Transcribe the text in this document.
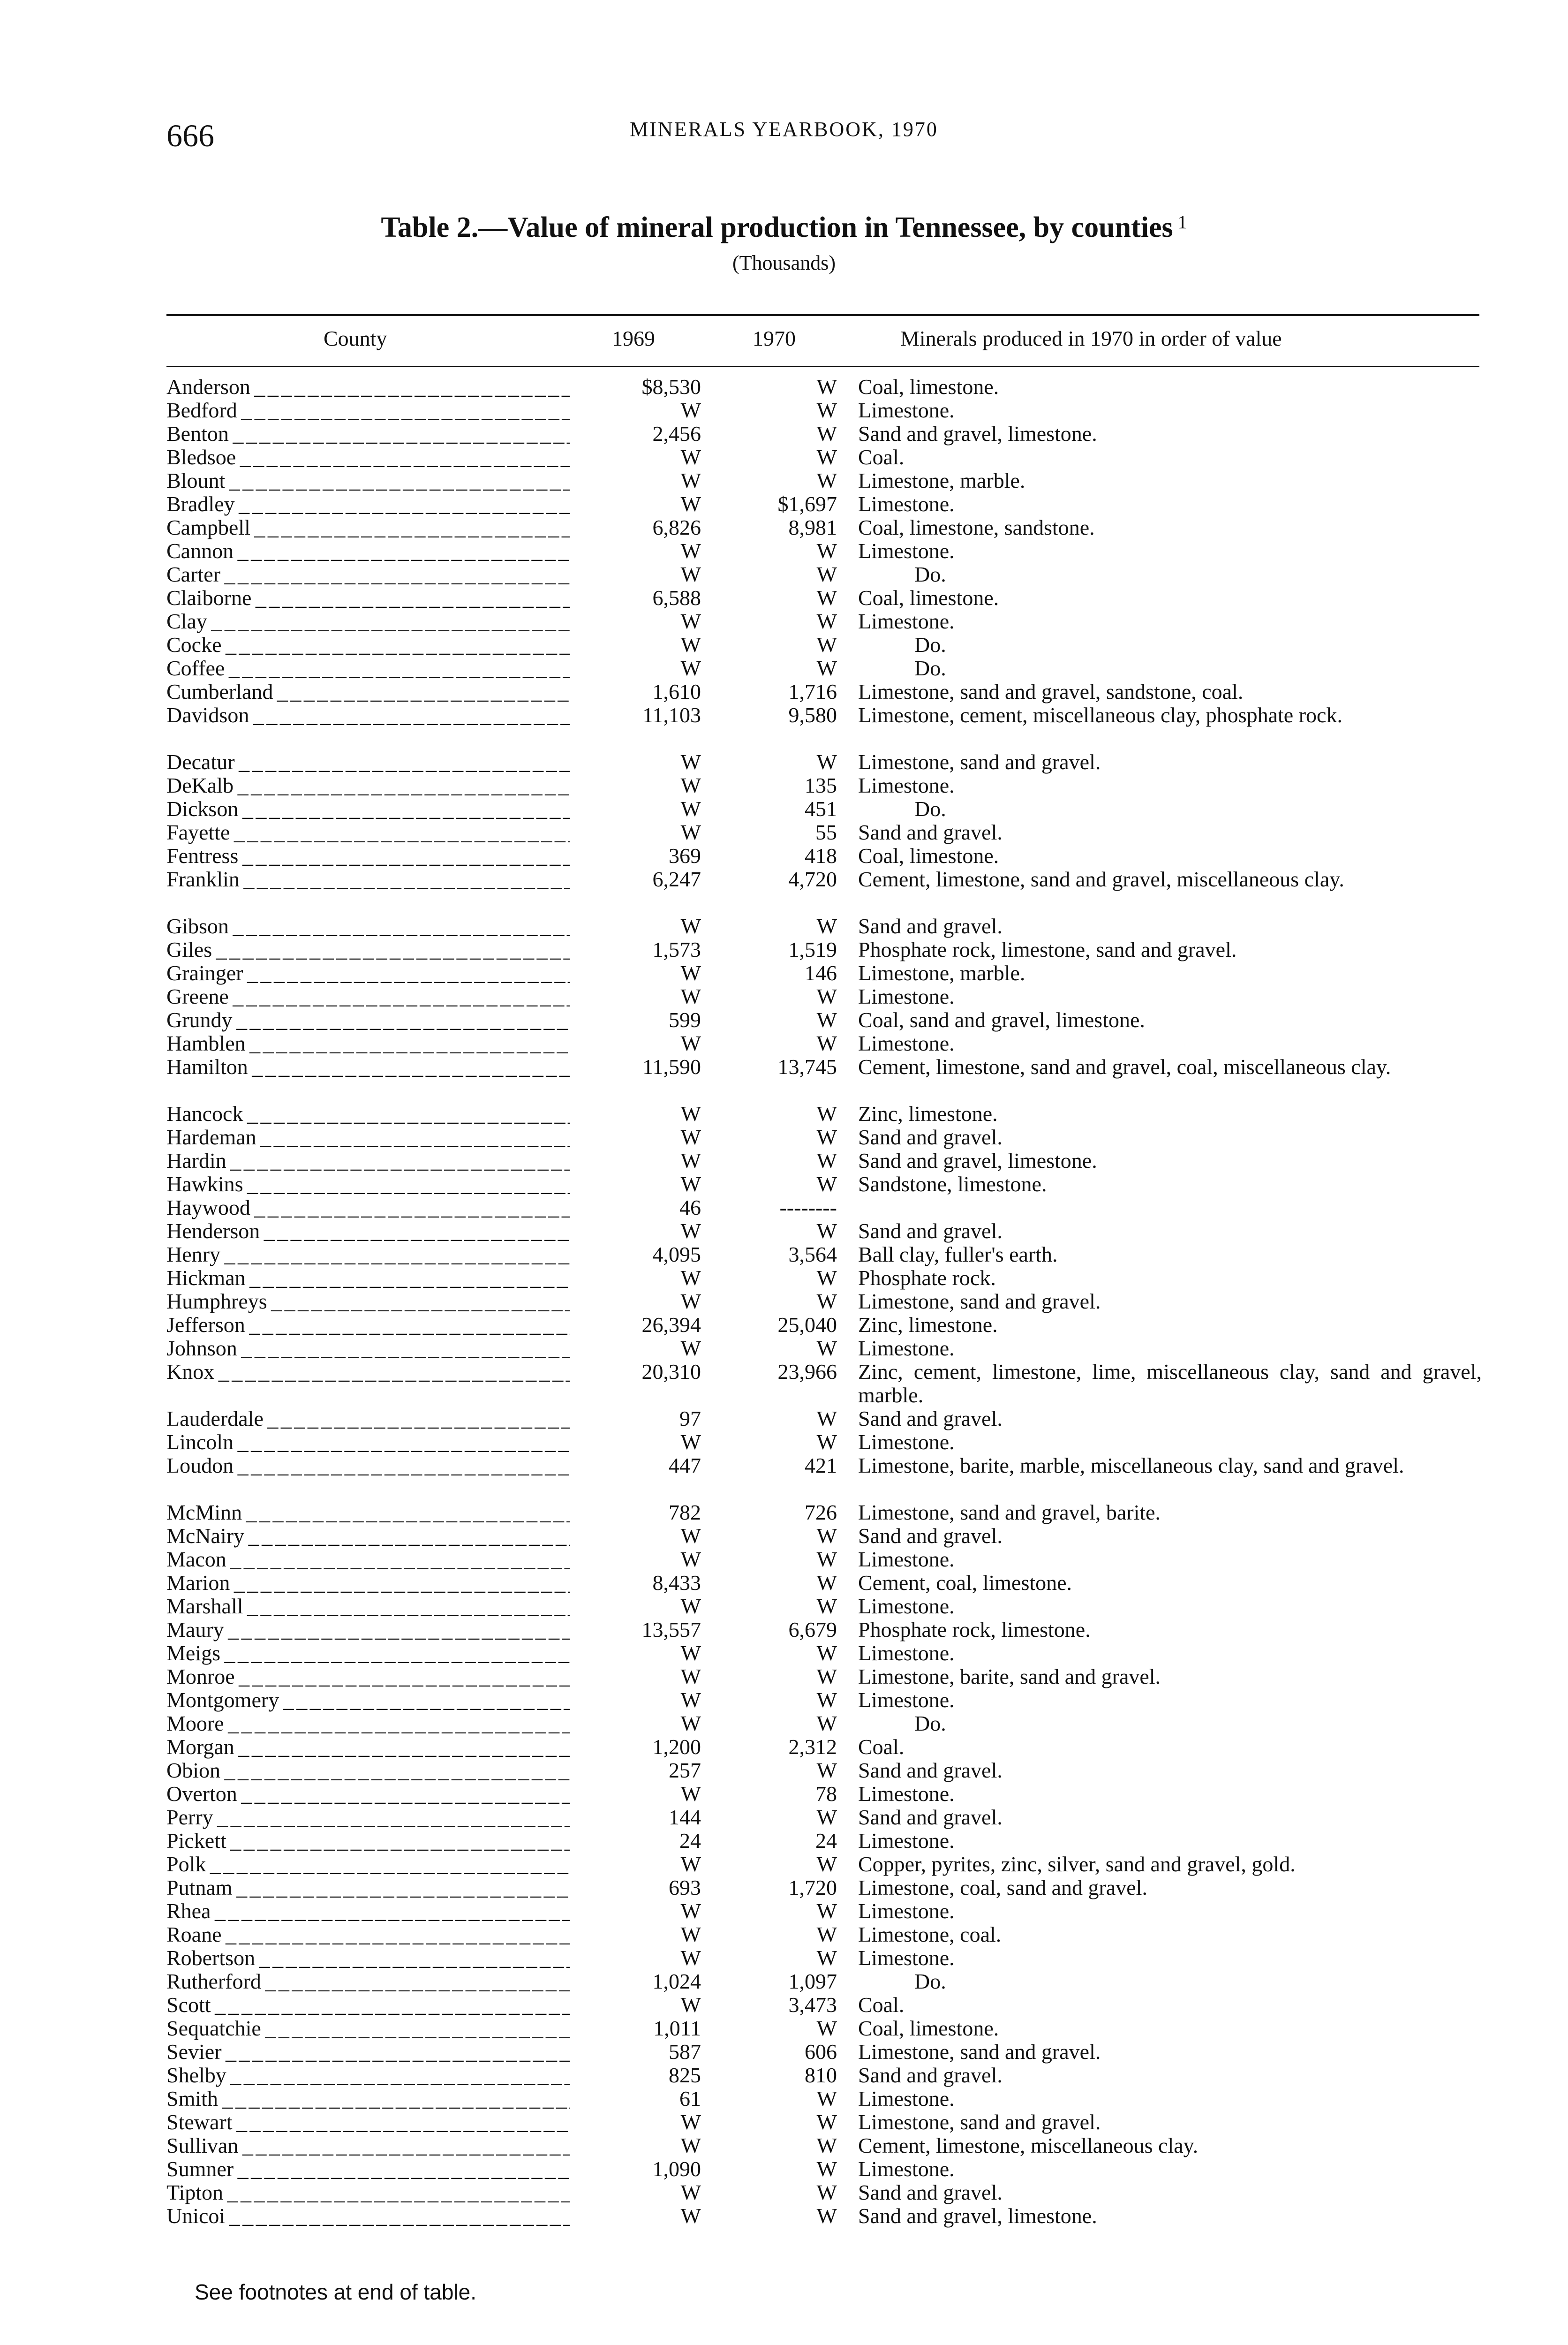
666	MINERALS YEARBOOK, 1970
Table 2.—Value of mineral production in Tennessee, by counties $^1$
(Thousands)
County	1969	1970	Minerals produced in 1970 in order of value
Anderson _ _ _	$8,530	W Coal, limestone.
Bedford _ _ _	W	W Limestone.
Benton _ _ _	2,456	W Sand and gravel, limestone.
Bledsoe _ _ _	W	W Coal.
Blount _ _ _	W	W Limestone, marble.
Bradley _ _ _	W	$1,697 Limestone.
Campbell _ _ _	6,826	8,981 Coal, limestone, sandstone.
Cannon _ _ _	W	W Limestone.
Carter _ _ _	W	W	Do.
Claiborne _ _ _	6,588	W Coal, limestone.
Clay _ _ _	W	W Limestone.
Cocke _ _ _	W	W	Do.
Coffee _ _ _	W	W	Do.
Cumberland _ _ _	1,610	1,716 Limestone, sand and gravel, sandstone, coal.
Davidson _ _ _	11,103	9,580 Limestone, cement, miscellaneous clay, phosphate rock.
Decatur _ _ _	W	W Limestone, sand and gravel.
DeKalb _ _ _	W	135 Limestone.
Dickson _ _ _	W	451	Do.
Fayette _ _ _	W	55 Sand and gravel.
Fentress _ _ _	369	418 Coal, limestone.
Franklin _ _ _	6,247	4,720 Cement, limestone, sand and gravel, miscellaneous clay.
Gibson _ _ _	W	W Sand and gravel.
Giles _ _ _	1,573	1,519 Phosphate rock, limestone, sand and gravel.
Grainger _ _ _	W	146 Limestone, marble.
Greene _ _ _	W	W Limestone.
Grundy _ _ _	599	W Coal, sand and gravel, limestone.
Hamblen _ _ _	W	W Limestone.
Hamilton _ _ _	11,590	13,745 Cement, limestone, sand and gravel, coal, miscellaneous clay.
Hancock _ _ _	W	W Zinc, limestone.
Hardeman _ _ _	W	W Sand and gravel.
Hardin _ _ _	W	W Sand and gravel, limestone.
Hawkins _ _ _	W	W Sandstone, limestone.
Haywood _ _ _	46	--------
Henderson _ _ _	W	W Sand and gravel.
Henry _ _ _	4,095	3,564 Ball clay, fuller's earth.
Hickman _ _ _	W	W Phosphate rock.
Humphreys _ _ _	W	W Limestone, sand and gravel.
Jefferson _ _ _	26,394	25,040 Zinc, limestone.
Johnson _ _ _	W	W Limestone.
Knox _ _ _	20,310	23,966 Zinc, cement, limestone, lime, miscellaneous clay, sand and gravel, marble.
Lauderdale _ _ _	97	W Sand and gravel.
Lincoln _ _ _	W	W Limestone.
Loudon _ _ _	447	421 Limestone, barite, marble, miscellaneous clay, sand and gravel.
McMinn _ _ _	782	726 Limestone, sand and gravel, barite.
McNairy _ _ _	W	W Sand and gravel.
Macon _ _ _	W	W Limestone.
Marion _ _ _	8,433	W Cement, coal, limestone.
Marshall _ _ _	W	W Limestone.
Maury _ _ _	13,557	6,679 Phosphate rock, limestone.
Meigs _ _ _	W	W Limestone.
Monroe _ _ _	W	W Limestone, barite, sand and gravel.
Montgomery _ _ _	W	W Limestone.
Moore _ _ _	W	W	Do.
Morgan _ _ _	1,200	2,312 Coal.
Obion _ _ _	257	W Sand and gravel.
Overton _ _ _	W	78 Limestone.
Perry _ _ _	144	W Sand and gravel.
Pickett _ _ _	24	24 Limestone.
Polk _ _ _	W	W Copper, pyrites, zinc, silver, sand and gravel, gold.
Putnam _ _ _	693	1,720 Limestone, coal, sand and gravel.
Rhea _ _ _	W	W Limestone.
Roane _ _ _	W	W Limestone, coal.
Robertson _ _ _	W	W Limestone.
Rutherford _ _ _	1,024	1,097	Do.
Scott _ _ _	W	3,473 Coal.
Sequatchie _ _ _	1,011	W Coal, limestone.
Sevier _ _ _	587	606 Limestone, sand and gravel.
Shelby _ _ _	825	810 Sand and gravel.
Smith _ _ _	61	W Limestone.
Stewart _ _ _	W	W Limestone, sand and gravel.
Sullivan _ _ _	W	W Cement, limestone, miscellaneous clay.
Sumner _ _ _	1,090	W Limestone.
Tipton _ _ _	W	W Sand and gravel.
Unicoi _ _ _	W	W Sand and gravel, limestone.
See footnotes at end of table.
